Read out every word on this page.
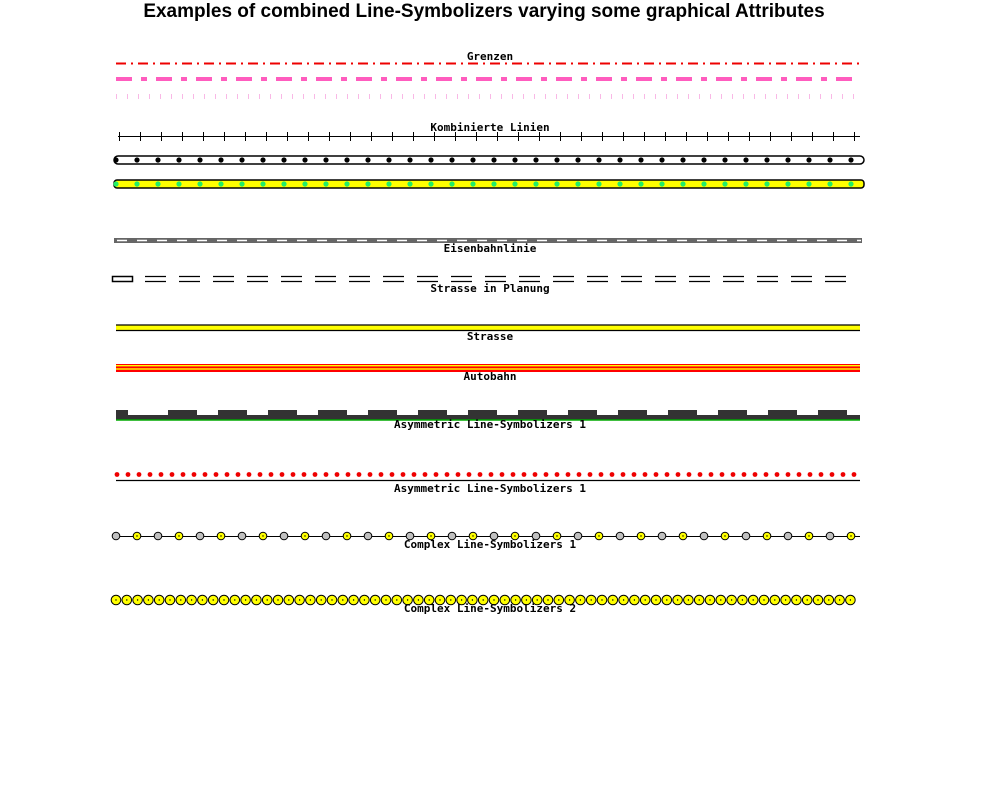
Examples of combined Line-Symbolizers varying some graphical Attributes
Grenzen
Kombinierte Linien
Eisenbahnlinie
Strasse in Planung
Strasse
Autobahn
Asymmetric Line-Symbolizers 1
Asymmetric Line-Symbolizers 1
Complex Line-Symbolizers 1
Complex Line-Symbolizers 2
